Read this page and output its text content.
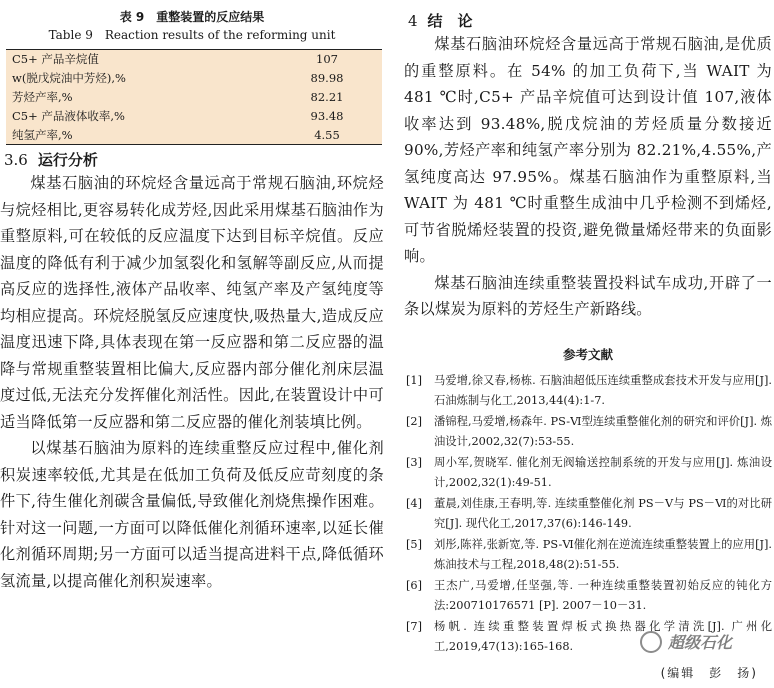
表 9　重整装置的反应结果
Table 9　Reaction results of the reforming unit
C5+ 产品辛烷值	107
w(脱戊烷油中芳烃),%	89.98
芳烃产率,%	82.21
C5+ 产品液体收率,%	93.48
纯氢产率,%	4.55
3.6 运行分析

煤基石脑油的环烷烃含量远高于常规石脑油,环烷烃与烷烃相比,更容易转化成芳烃,因此采用煤基石脑油作为重整原料,可在较低的反应温度下达到目标辛烷值。反应温度的降低有利于减少加氢裂化和氢解等副反应,从而提高反应的选择性,液体产品收率、纯氢产率及产氢纯度等均相应提高。环烷烃脱氢反应速度快,吸热量大,造成反应温度迅速下降,具体表现在第一反应器和第二反应器的温降与常规重整装置相比偏大,反应器内部分催化剂床层温度过低,无法充分发挥催化剂活性。因此,在装置设计中可适当降低第一反应器和第二反应器的催化剂装填比例。

以煤基石脑油为原料的连续重整反应过程中,催化剂积炭速率较低,尤其是在低加工负荷及低反应苛刻度的条件下,待生催化剂碳含量偏低,导致催化剂烧焦操作困难。针对这一问题,一方面可以降低催化剂循环速率,以延长催化剂循环周期;另一方面可以适当提高进料干点,降低循环氢流量,以提高催化剂积炭速率。

4 结　论

煤基石脑油环烷烃含量远高于常规石脑油,是优质的重整原料。在 54% 的加工负荷下,当 WAIT 为 481 ℃时,C5+ 产品辛烷值可达到设计值 107,液体收率达到 93.48%,脱戊烷油的芳烃质量分数接近 90%,芳烃产率和纯氢产率分别为 82.21%,4.55%,产氢纯度高达 97.95%。煤基石脑油作为重整原料,当 WAIT 为 481 ℃时重整生成油中几乎检测不到烯烃,可节省脱烯烃装置的投资,避免微量烯烃带来的负面影响。

煤基石脑油连续重整装置投料试车成功,开辟了一条以煤炭为原料的芳烃生产新路线。

参考文献
[1]	马爱增,徐又春,杨栋. 石脑油超低压连续重整成套技术开发与应用[J]. 石油炼制与化工,2013,44(4):1-7.
[2]	潘锦程,马爱增,杨森年. PS-Ⅵ型连续重整催化剂的研究和评价[J]. 炼油设计,2002,32(7):53-55.
[3]	周小军,贺晓军. 催化剂无阀输送控制系统的开发与应用[J]. 炼油设计,2002,32(1):49-51.
[4]	董晨,刘佳康,王春明,等. 连续重整催化剂 PS－Ⅴ与 PS－Ⅵ的对比研究[J]. 现代化工,2017,37(6):146-149.
[5]	刘彤,陈祥,张新宽,等. PS-Ⅵ催化剂在逆流连续重整装置上的应用[J]. 炼油技术与工程,2018,48(2):51-55.
[6]	王杰广,马爱增,任坚强,等. 一种连续重整装置初始反应的钝化方法:200710176571 [P]. 2007－10－31.
[7]	杨帆. 连续重整装置焊板式换热器化学清洗[J]. 广州化工,2019,47(13):165-168.	超级石化
(编辑　彭　扬)
